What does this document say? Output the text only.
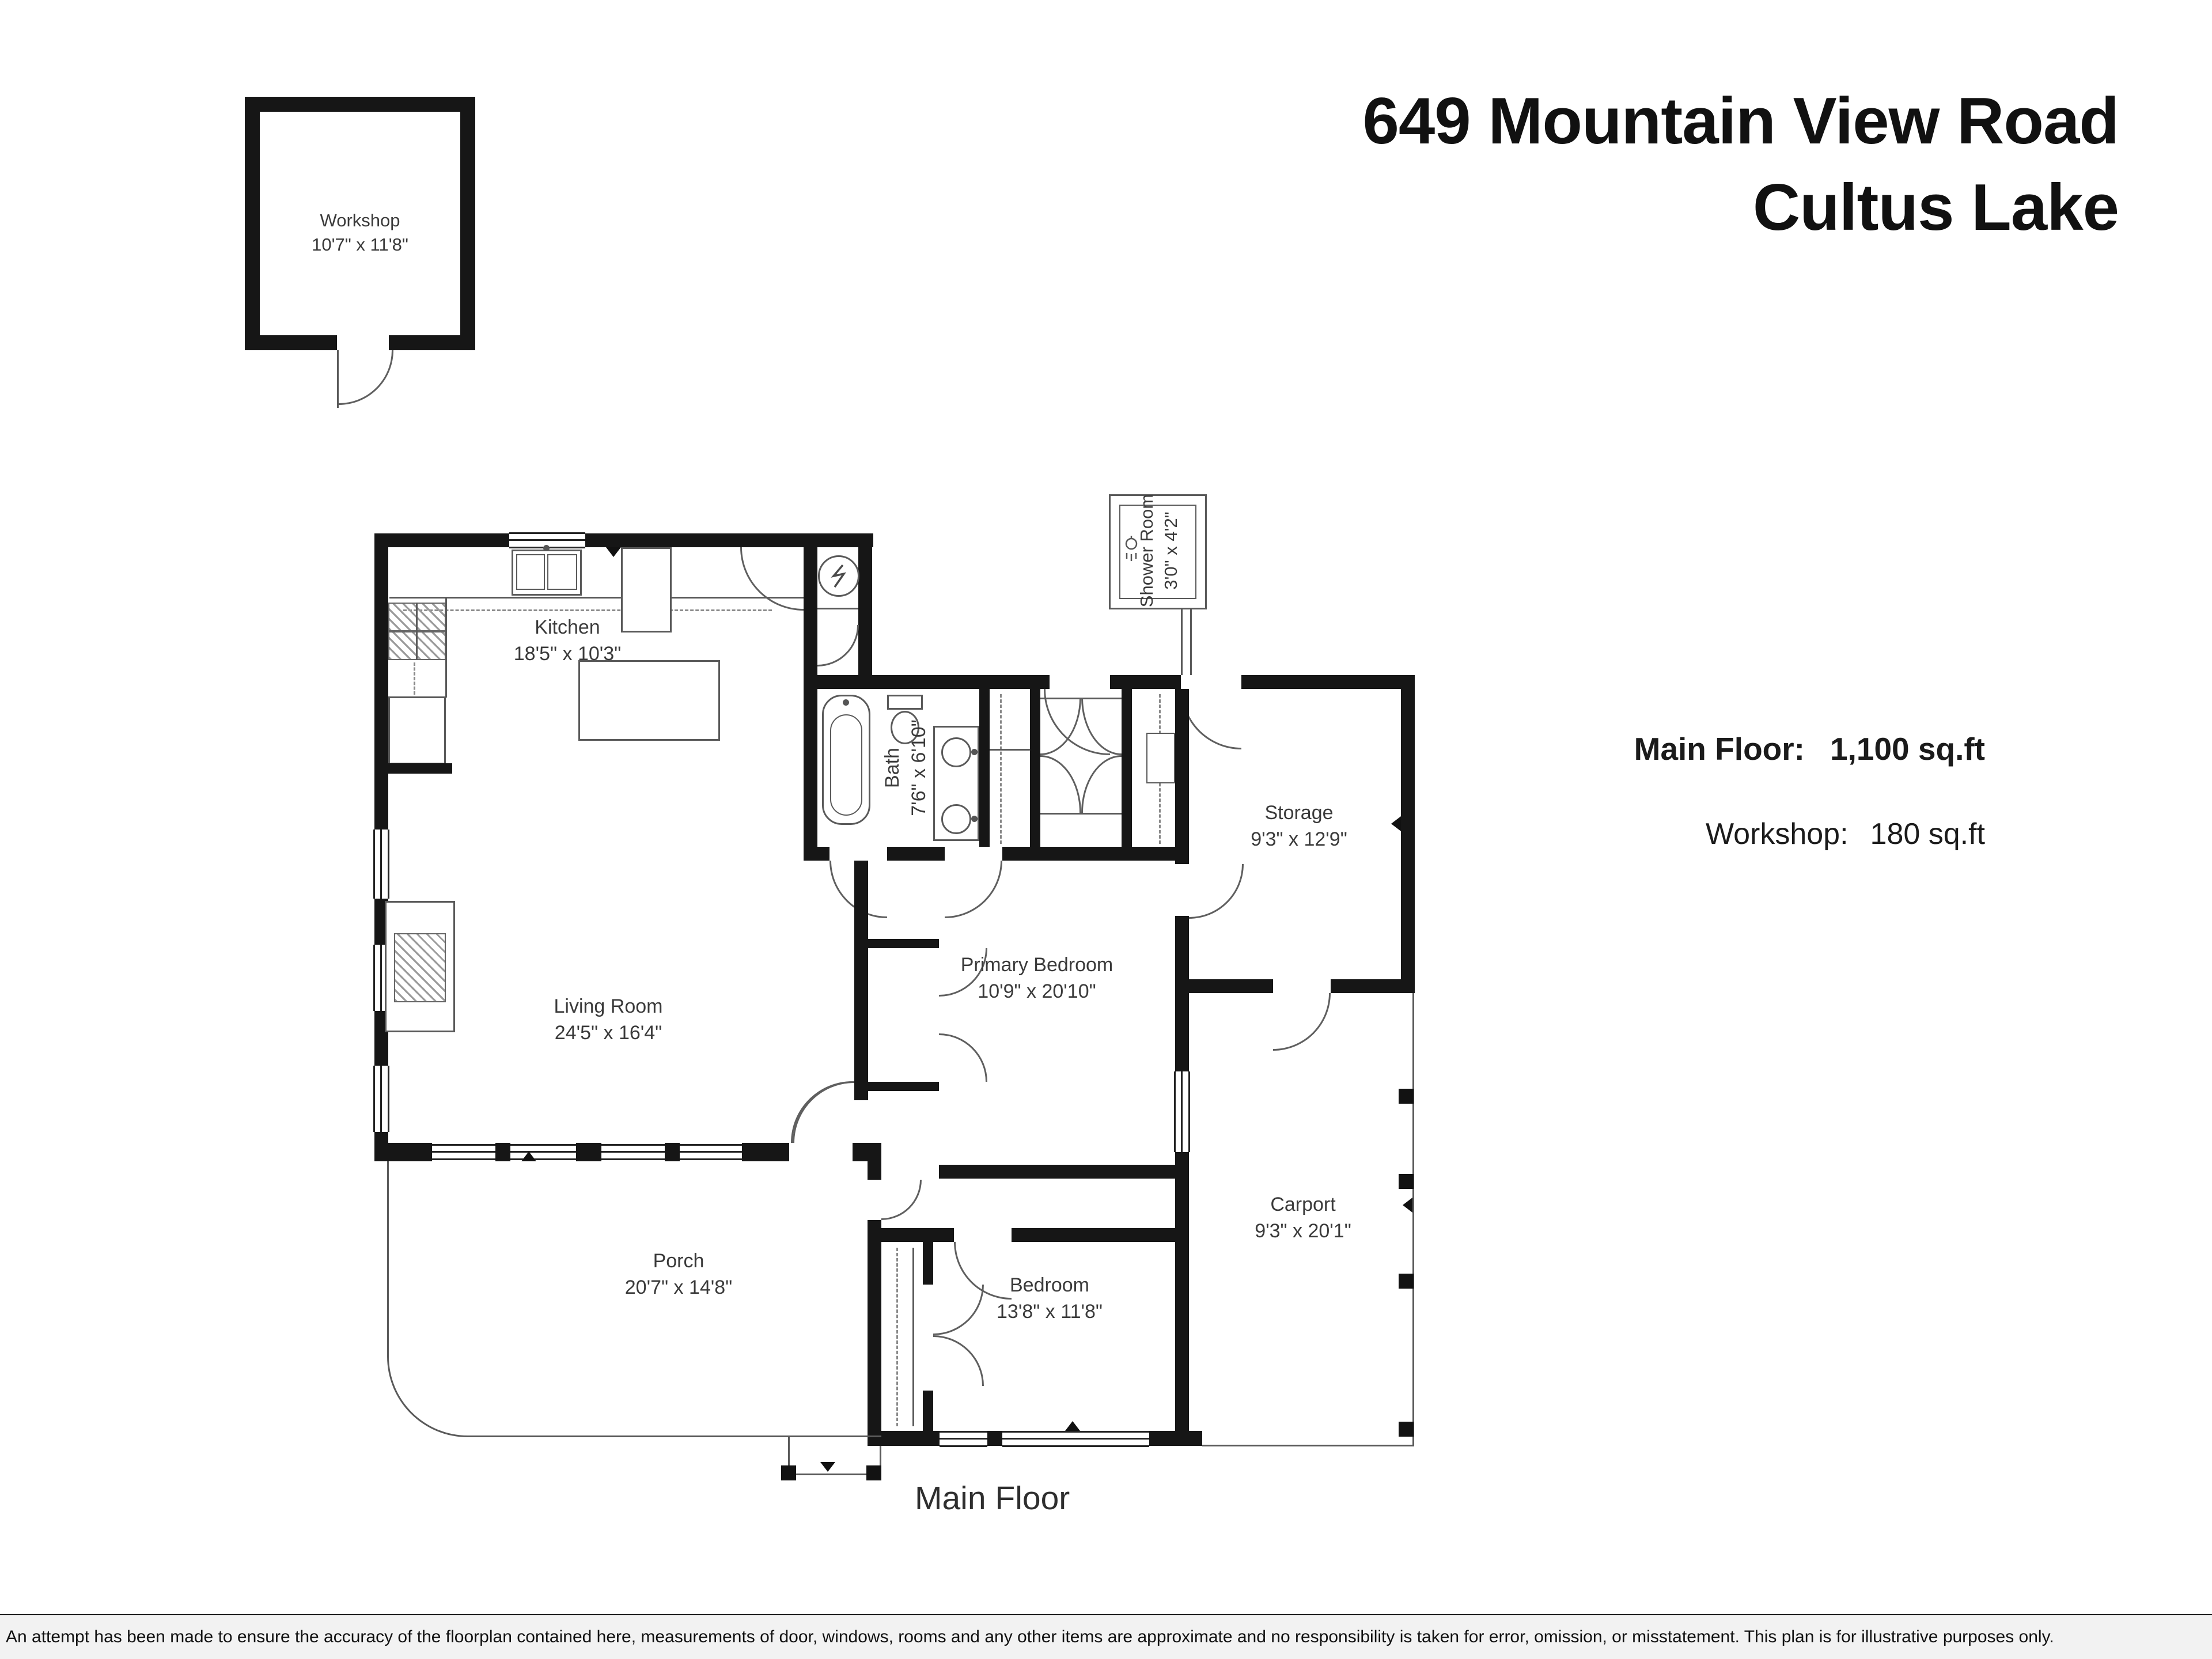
649 Mountain View Road
Cultus Lake
Main Floor: 1,100 sq.ft
Workshop: 180 sq.ft
Workshop
10'7" x 11'8"
Kitchen
18'5" x 10'3"
Bath 7'6" x 6'10"
Shower Room 3'0" x 4'2"
Storage
9'3" x 12'9"
Primary Bedroom
10'9" x 20'10"
Living Room
24'5" x 16'4"
Carport
9'3" x 20'1"
Porch
20'7" x 14'8"	Bedroom
13'8" x 11'8"
Main Floor
An attempt has been made to ensure the accuracy of the floorplan contained here, measurements of door, windows, rooms and any other items are approximate and no responsibility is taken for error, omission, or misstatement. This plan is for illustrative purposes only.
